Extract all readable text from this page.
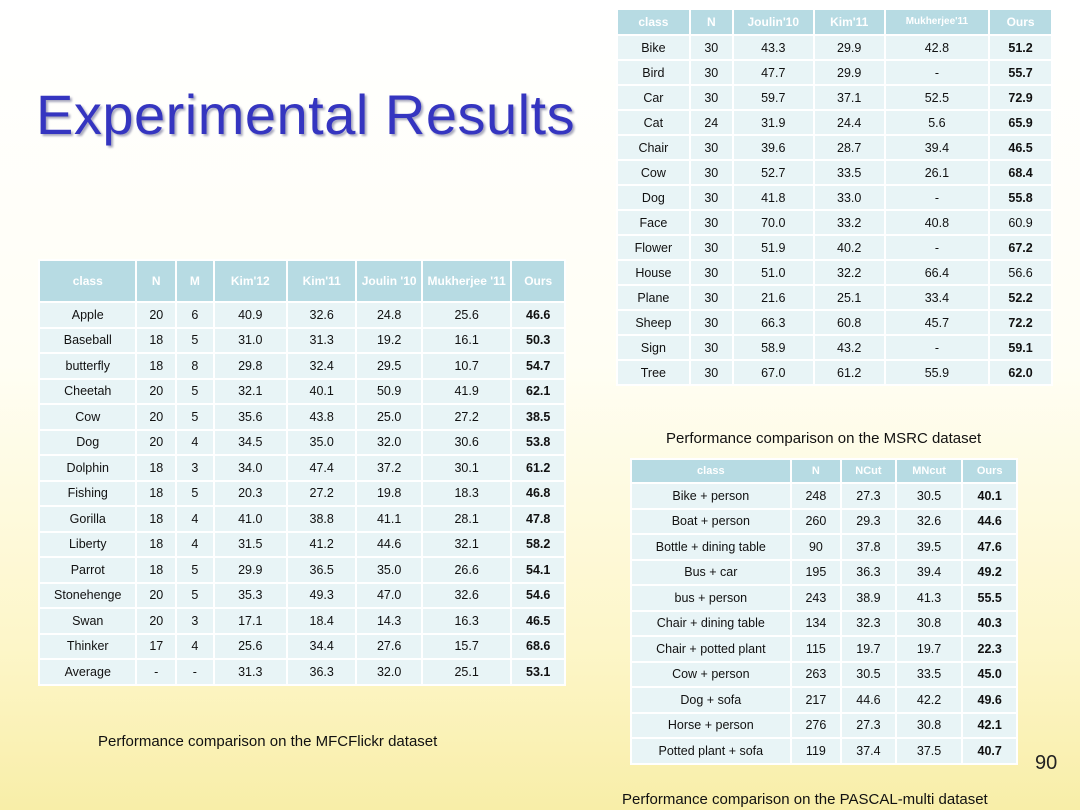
Experimental Results
90
class	N	Joulin'10	Kim'11	Mukherjee'11	Ours
Bike	30	43.3	29.9	42.8	51.2
Bird	30	47.7	29.9	-	55.7
Car	30	59.7	37.1	52.5	72.9
Cat	24	31.9	24.4	5.6	65.9
Chair	30	39.6	28.7	39.4	46.5
Cow	30	52.7	33.5	26.1	68.4
Dog	30	41.8	33.0	-	55.8
Face	30	70.0	33.2	40.8	60.9
Flower	30	51.9	40.2	-	67.2
House	30	51.0	32.2	66.4	56.6
Plane	30	21.6	25.1	33.4	52.2
Sheep	30	66.3	60.8	45.7	72.2
Sign	30	58.9	43.2	-	59.1
Tree	30	67.0	61.2	55.9	62.0
Performance comparison on the MSRC dataset
class	N	M	Kim'12	Kim'11	Joulin '10	Mukherjee '11	Ours
Apple	20	6	40.9	32.6	24.8	25.6	46.6
Baseball	18	5	31.0	31.3	19.2	16.1	50.3
butterfly	18	8	29.8	32.4	29.5	10.7	54.7
Cheetah	20	5	32.1	40.1	50.9	41.9	62.1
Cow	20	5	35.6	43.8	25.0	27.2	38.5
Dog	20	4	34.5	35.0	32.0	30.6	53.8
Dolphin	18	3	34.0	47.4	37.2	30.1	61.2
Fishing	18	5	20.3	27.2	19.8	18.3	46.8
Gorilla	18	4	41.0	38.8	41.1	28.1	47.8
Liberty	18	4	31.5	41.2	44.6	32.1	58.2
Parrot	18	5	29.9	36.5	35.0	26.6	54.1
Stonehenge	20	5	35.3	49.3	47.0	32.6	54.6
Swan	20	3	17.1	18.4	14.3	16.3	46.5
Thinker	17	4	25.6	34.4	27.6	15.7	68.6
Average	-	-	31.3	36.3	32.0	25.1	53.1
Performance comparison on the MFCFlickr dataset
class	N	NCut	MNcut	Ours
Bike + person	248	27.3	30.5	40.1
Boat + person	260	29.3	32.6	44.6
Bottle + dining table	90	37.8	39.5	47.6
Bus + car	195	36.3	39.4	49.2
bus + person	243	38.9	41.3	55.5
Chair + dining table	134	32.3	30.8	40.3
Chair + potted plant	115	19.7	19.7	22.3
Cow + person	263	30.5	33.5	45.0
Dog + sofa	217	44.6	42.2	49.6
Horse + person	276	27.3	30.8	42.1
Potted plant + sofa	119	37.4	37.5	40.7
Performance comparison on the PASCAL-multi dataset
